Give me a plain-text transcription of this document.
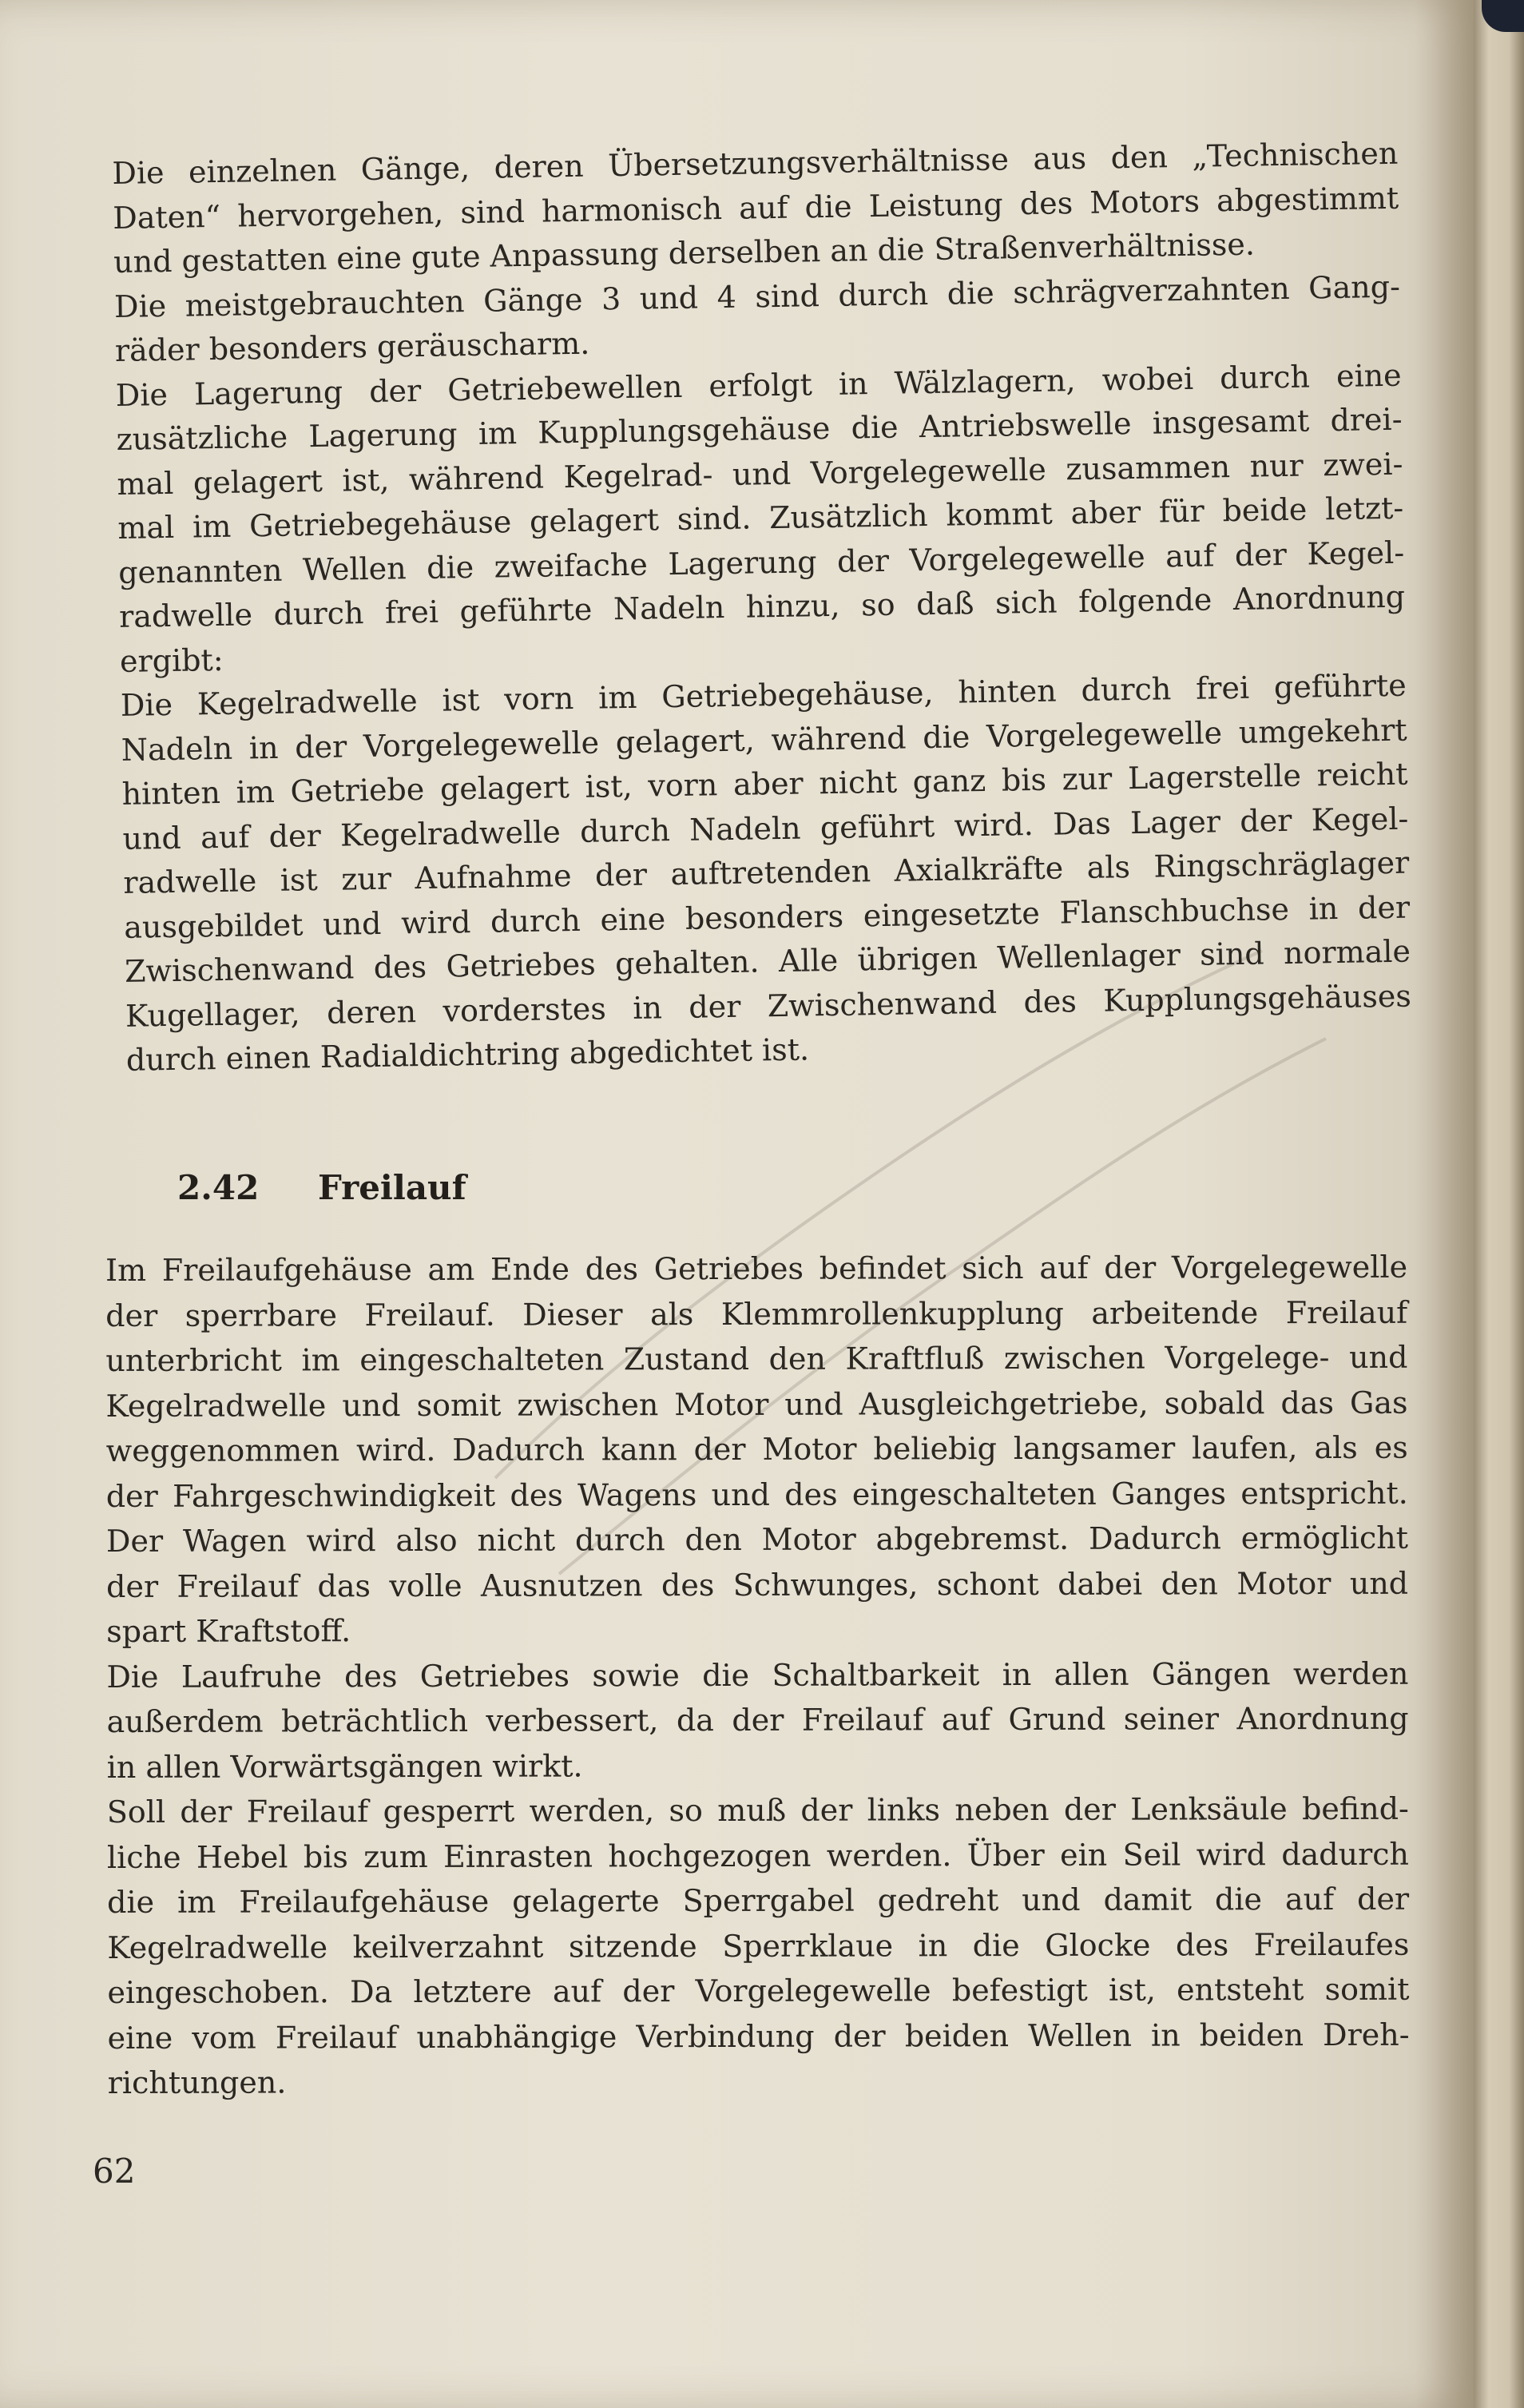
Die einzelnen Gänge, deren Übersetzungsverhältnisse aus den „Technischen
Daten“ hervorgehen, sind harmonisch auf die Leistung des Motors abgestimmt
und gestatten eine gute Anpassung derselben an die Straßenverhältnisse.
Die meistgebrauchten Gänge 3 und 4 sind durch die schrägverzahnten Gang-
räder besonders geräuscharm.
Die Lagerung der Getriebewellen erfolgt in Wälzlagern, wobei durch eine
zusätzliche Lagerung im Kupplungsgehäuse die Antriebswelle insgesamt drei-
mal gelagert ist, während Kegelrad- und Vorgelegewelle zusammen nur zwei-
mal im Getriebegehäuse gelagert sind. Zusätzlich kommt aber für beide letzt-
genannten Wellen die zweifache Lagerung der Vorgelegewelle auf der Kegel-
radwelle durch frei geführte Nadeln hinzu, so daß sich folgende Anordnung
ergibt:
Die Kegelradwelle ist vorn im Getriebegehäuse, hinten durch frei geführte
Nadeln in der Vorgelegewelle gelagert, während die Vorgelegewelle umgekehrt
hinten im Getriebe gelagert ist, vorn aber nicht ganz bis zur Lagerstelle reicht
und auf der Kegelradwelle durch Nadeln geführt wird. Das Lager der Kegel-
radwelle ist zur Aufnahme der auftretenden Axialkräfte als Ringschräglager
ausgebildet und wird durch eine besonders eingesetzte Flanschbuchse in der
Zwischenwand des Getriebes gehalten. Alle übrigen Wellenlager sind normale
Kugellager, deren vorderstes in der Zwischenwand des Kupplungsgehäuses
durch einen Radialdichtring abgedichtet ist.
2.42 Freilauf
Im Freilaufgehäuse am Ende des Getriebes befindet sich auf der Vorgelegewelle
der sperrbare Freilauf. Dieser als Klemmrollenkupplung arbeitende Freilauf
unterbricht im eingeschalteten Zustand den Kraftfluß zwischen Vorgelege- und
Kegelradwelle und somit zwischen Motor und Ausgleichgetriebe, sobald das Gas
weggenommen wird. Dadurch kann der Motor beliebig langsamer laufen, als es
der Fahrgeschwindigkeit des Wagens und des eingeschalteten Ganges entspricht.
Der Wagen wird also nicht durch den Motor abgebremst. Dadurch ermöglicht
der Freilauf das volle Ausnutzen des Schwunges, schont dabei den Motor und
spart Kraftstoff.
Die Laufruhe des Getriebes sowie die Schaltbarkeit in allen Gängen werden
außerdem beträchtlich verbessert, da der Freilauf auf Grund seiner Anordnung
in allen Vorwärtsgängen wirkt.
Soll der Freilauf gesperrt werden, so muß der links neben der Lenksäule befind-
liche Hebel bis zum Einrasten hochgezogen werden. Über ein Seil wird dadurch
die im Freilaufgehäuse gelagerte Sperrgabel gedreht und damit die auf der
Kegelradwelle keilverzahnt sitzende Sperrklaue in die Glocke des Freilaufes
eingeschoben. Da letztere auf der Vorgelegewelle befestigt ist, entsteht somit
eine vom Freilauf unabhängige Verbindung der beiden Wellen in beiden Dreh-
richtungen.
62
